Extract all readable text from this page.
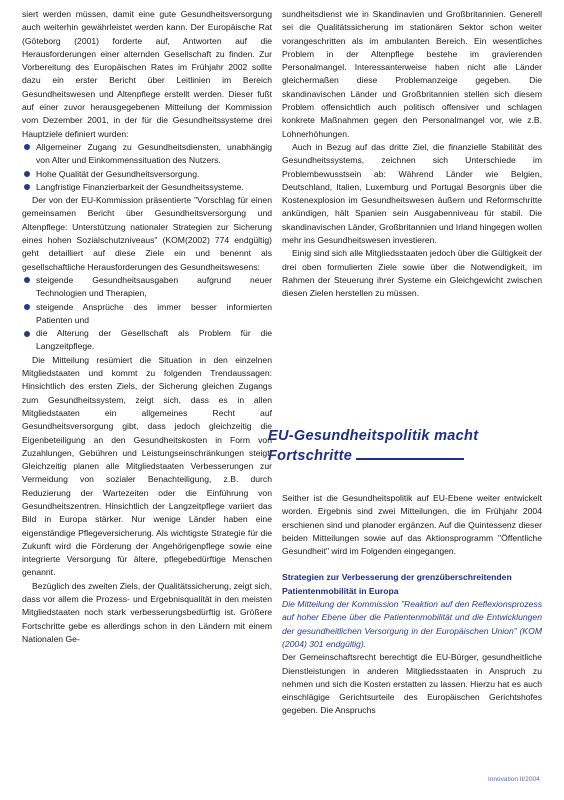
siert werden müssen, damit eine gute Gesundheitsversorgung auch weiterhin gewährleistet werden kann. Der Europäische Rat (Göteborg (2001) forderte auf, Antworten auf die Herausforderungen einer alternden Gesellschaft zu finden. Zur Vorbereitung des Europäischen Rates im Frühjahr 2002 sollte dazu ein erster Bericht über Leitlinien im Bereich Gesundheitswesen und Altenpflege erstellt werden. Dieser fußt auf einer zuvor herausgegebenen Mitteilung der Kommission vom Dezember 2001, in der für die Gesundheitssysteme drei Hauptziele definiert wurden:

Allgemeiner Zugang zu Gesundheitsdiensten, unabhängig von Alter und Einkommenssituation des Nutzers.
Hohe Qualität der Gesundheitsversorgung.
Langfristige Finanzierbarkeit der Gesundheitssysteme.

Der von der EU-Kommission präsentierte "Vorschlag für einen gemeinsamen Bericht über Gesundheitsversorgung und Altenpflege: Unterstützung nationaler Strategien zur Sicherung eines hohen Sozialschutzniveaus" (KOM(2002) 774 endgültig) geht detailliert auf diese Ziele ein und benennt als gesellschaftliche Herausforderungen des Gesundheitswesens:

steigende Gesundheitsausgaben aufgrund neuer Technologien und Therapien,
steigende Ansprüche des immer besser informierten Patienten und
die Alterung der Gesellschaft als Problem für die Langzeitpflege.

Die Mitteilung resümiert die Situation in den einzelnen Mitgliedstaaten und kommt zu folgenden Trendaussagen: Hinsichtlich des ersten Ziels, der Sicherung gleichen Zugangs zum Gesundheitssystem, zeigt sich, dass es in allen Mitgliedstaaten ein allgemeines Recht auf Gesundheitsversorgung gibt, dass jedoch gleichzeitig die Eigenbeteiligung an den Gesundheitskosten in Form von Zuzahlungen, Gebühren und Leistungseinschränkungen steigt. Gleichzeitig planen alle Mitgliedstaaten Verbesserungen zur Vermeidung von sozialer Benachteiligung, z.B. durch Reduzierung der Wartezeiten oder die Einführung von Gesundheitszentren. Hinsichtlich der Langzeitpflege variiert das Bild in Europa stärker. Nur wenige Länder haben eine eigenständige Pflegeversicherung. Als wichtigste Strategie für die Zukunft wird die Förderung der Angehörigenpflege sowie eine integrierte Versorgung für ältere, pflegebedürftige Menschen genannt.

Bezüglich des zweiten Ziels, der Qualitätssicherung, zeigt sich, dass vor allem die Prozess- und Ergebnisqualität in den meisten Mitgliedstaaten noch stark verbesserungsbedürftig ist. Größere Fortschritte gebe es allerdings schon in den Ländern mit einem Nationalen Ge-

sundheitsdienst wie in Skandinavien und Großbritannien. Generell sei die Qualitätssicherung im stationären Sektor schon weiter vorangeschritten als im ambulanten Bereich. Ein wesentliches Problem in der Altenpflege bestehe im gravierenden Personalmangel. Interessanterweise haben nicht alle Länder gleichermaßen diese Problemanzeige gegeben. Die skandinavischen Länder und Großbritannien stellen sich diesem Problem offensichtlich auch politisch offensiver und schlagen konkrete Maßnahmen gegen den Personalmangel vor, wie z.B. Lohnerhöhungen.

Auch in Bezug auf das dritte Ziel, die finanzielle Stabilität des Gesundheitssystems, zeichnen sich Unterschiede im Problembewusstsein ab: Während Länder wie Belgien, Deutschland, Italien, Luxemburg und Portugal Besorgnis über die Kostenexplosion im Gesundheitswesen äußern und Reformschritte ankündigen, hält Spanien sein Ausgabenniveau für stabil. Die skandinavischen Länder, Großbritannien und Irland hingegen wollen mehr ins Gesundheitswesen investieren.

Einig sind sich alle Mitgliedsstaaten jedoch über die Gültigkeit der drei oben formulierten Ziele sowie über die Notwendigkeit, im Rahmen der Steuerung ihrer Systeme ein Gleichgewicht zwischen diesen Zielen herstellen zu müssen.

EU-Gesundheitspolitik macht
Fortschritte

Seither ist die Gesundheitspolitik auf EU-Ebene weiter entwickelt worden. Ergebnis sind zwei Mitteilungen, die im Frühjahr 2004 erschienen sind und planoder ergänzen. Auf die Quintessenz dieser beiden Mitteilungen sowie auf das Aktionsprogramm "Öffentliche Gesundheit" wird im Folgenden eingegangen.

Strategien zur Verbesserung der grenzüberschreitenden Patientenmobilität in Europa

Die Mitteilung der Kommission "Reaktion auf den Reflexionsprozess auf hoher Ebene über die Patientenmobilität und die Entwicklungen der gesundheitlichen Versorgung in der Europäischen Union" (KOM (2004) 301 endgültig).

Der Gemeinschaftsrecht berechtigt die EU-Bürger, gesundheitliche Dienstleistungen in anderen Mitgliedsstaaten in Anspruch zu nehmen und sich die Kosten erstatten zu lassen. Hierzu hat es auch einschlägige Gerichtsurteile des Europäischen Gerichtshofes gegeben. Die Anspruchs

Innovation II/2004
